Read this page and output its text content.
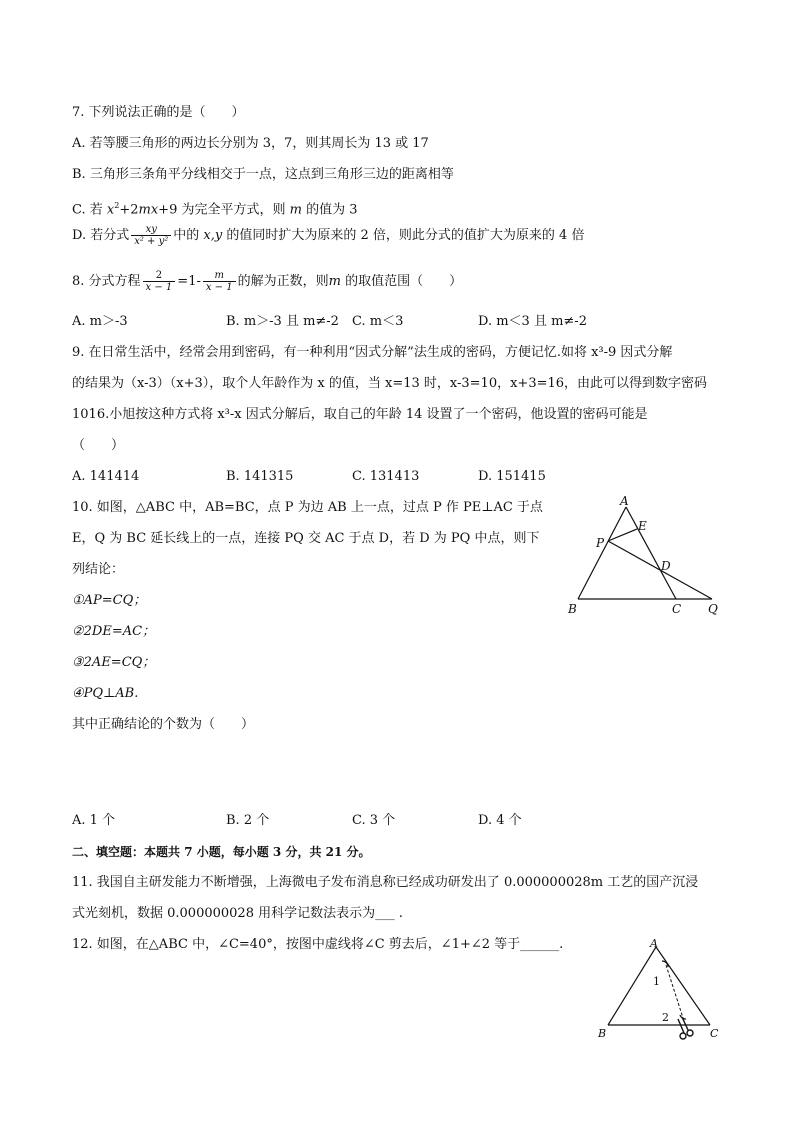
7. 下列说法正确的是（　　）
A. 若等腰三角形的两边长分别为 3，7，则其周长为 13 或 17
B. 三角形三条角平分线相交于一点，这点到三角形三边的距离相等
C. 若 $x^2+2mx+9$ 为完全平方式，则 m 的值为 3
D. 若分式 $\frac{xy}{\text{x² + y²}}$ 中的 x,y 的值同时扩大为原来的 2 倍，则此分式的值扩大为原来的 4 倍
8. 分式方程 $\frac{2}{x - 1} =1- \frac{m}{x - 1}$ 的解为正数，则m 的取值范围（　　）
A. m＞-3	B. m＞-3 且 m≠-2 C. m＜3	D. m＜3 且 m≠-2
9. 在日常生活中，经常会用到密码，有一种利用“因式分解”法生成的密码，方便记忆.如将 x³-9 因式分解
的结果为（x-3）（x+3），取个人年龄作为 x 的值，当 x=13 时，x-3=10，x+3=16，由此可以得到数字密码
1016.小旭按这种方式将 x³-x 因式分解后，取自己的年龄 14 设置了一个密码，他设置的密码可能是
（　　）
A. 141414	B. 141315	C. 131413	D. 151415
10. 如图，△ABC 中，AB=BC，点 P 为边 AB 上一点，过点 P 作 PE⊥AC 于点
E，Q 为 BC 延长线上的一点，连接 PQ 交 AC 于点 D，若 D 为 PQ 中点，则下
列结论：
①AP=CQ；
②2DE=AC；
③2AE=CQ；
④PQ⊥AB.
其中正确结论的个数为（　　）
A
E
P
D
B	C Q
A. 1 个	B. 2 个	C. 3 个	D. 4 个
二、填空题：本题共 7 小题，每小题 3 分，共 21 分。
11. 我国自主研发能力不断增强，上海微电子发布消息称已经成功研发出了 0.000000028m 工艺的国产沉浸
式光刻机，数据 0.000000028 用科学记数法表示为___ .
12. 如图，在△ABC 中，∠C=40°，按图中虚线将∠C 剪去后，∠1+∠2 等于______.	A
B	C
1
2
